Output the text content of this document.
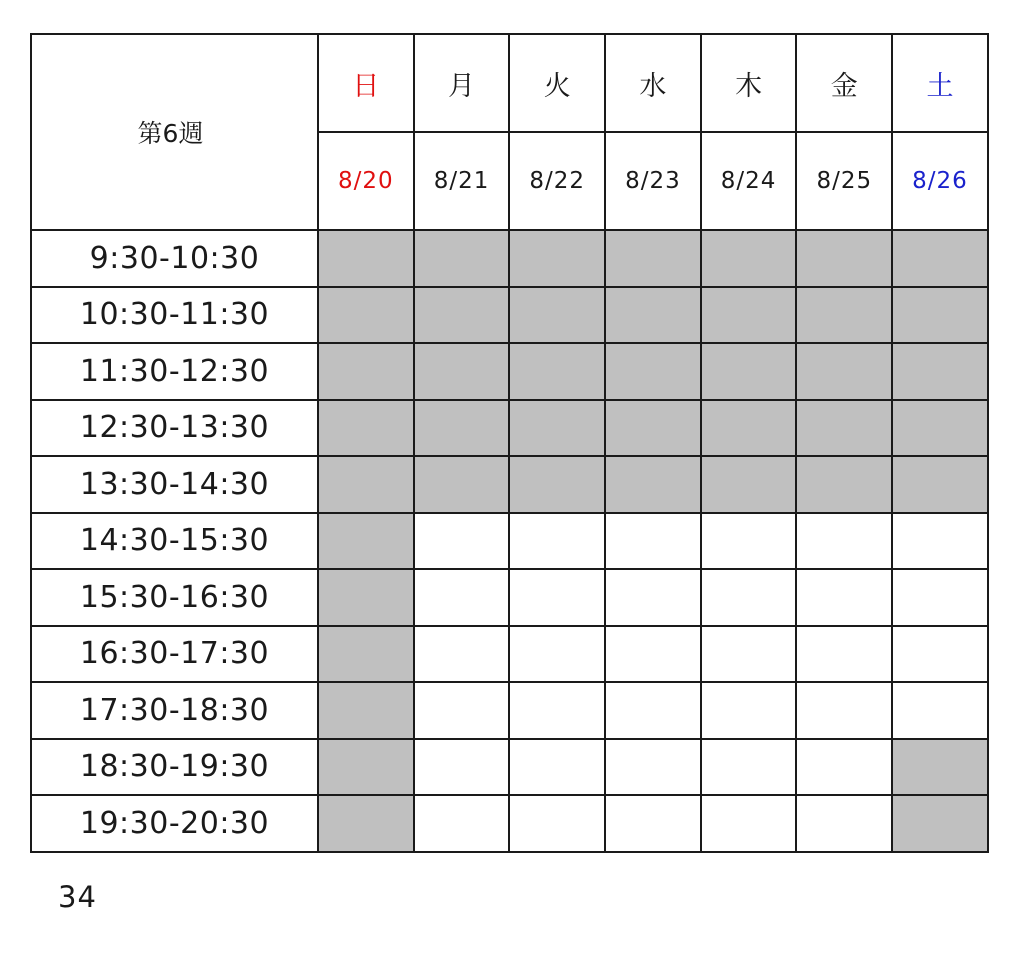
第6週	日	月	火	水	木	金	土
	8/20	8/21	8/22	8/23	8/24	8/25	8/26
9:30-10:30							
10:30-11:30							
11:30-12:30							
12:30-13:30							
13:30-14:30							
14:30-15:30							
15:30-16:30							
16:30-17:30							
17:30-18:30							
18:30-19:30							
19:30-20:30							
34
